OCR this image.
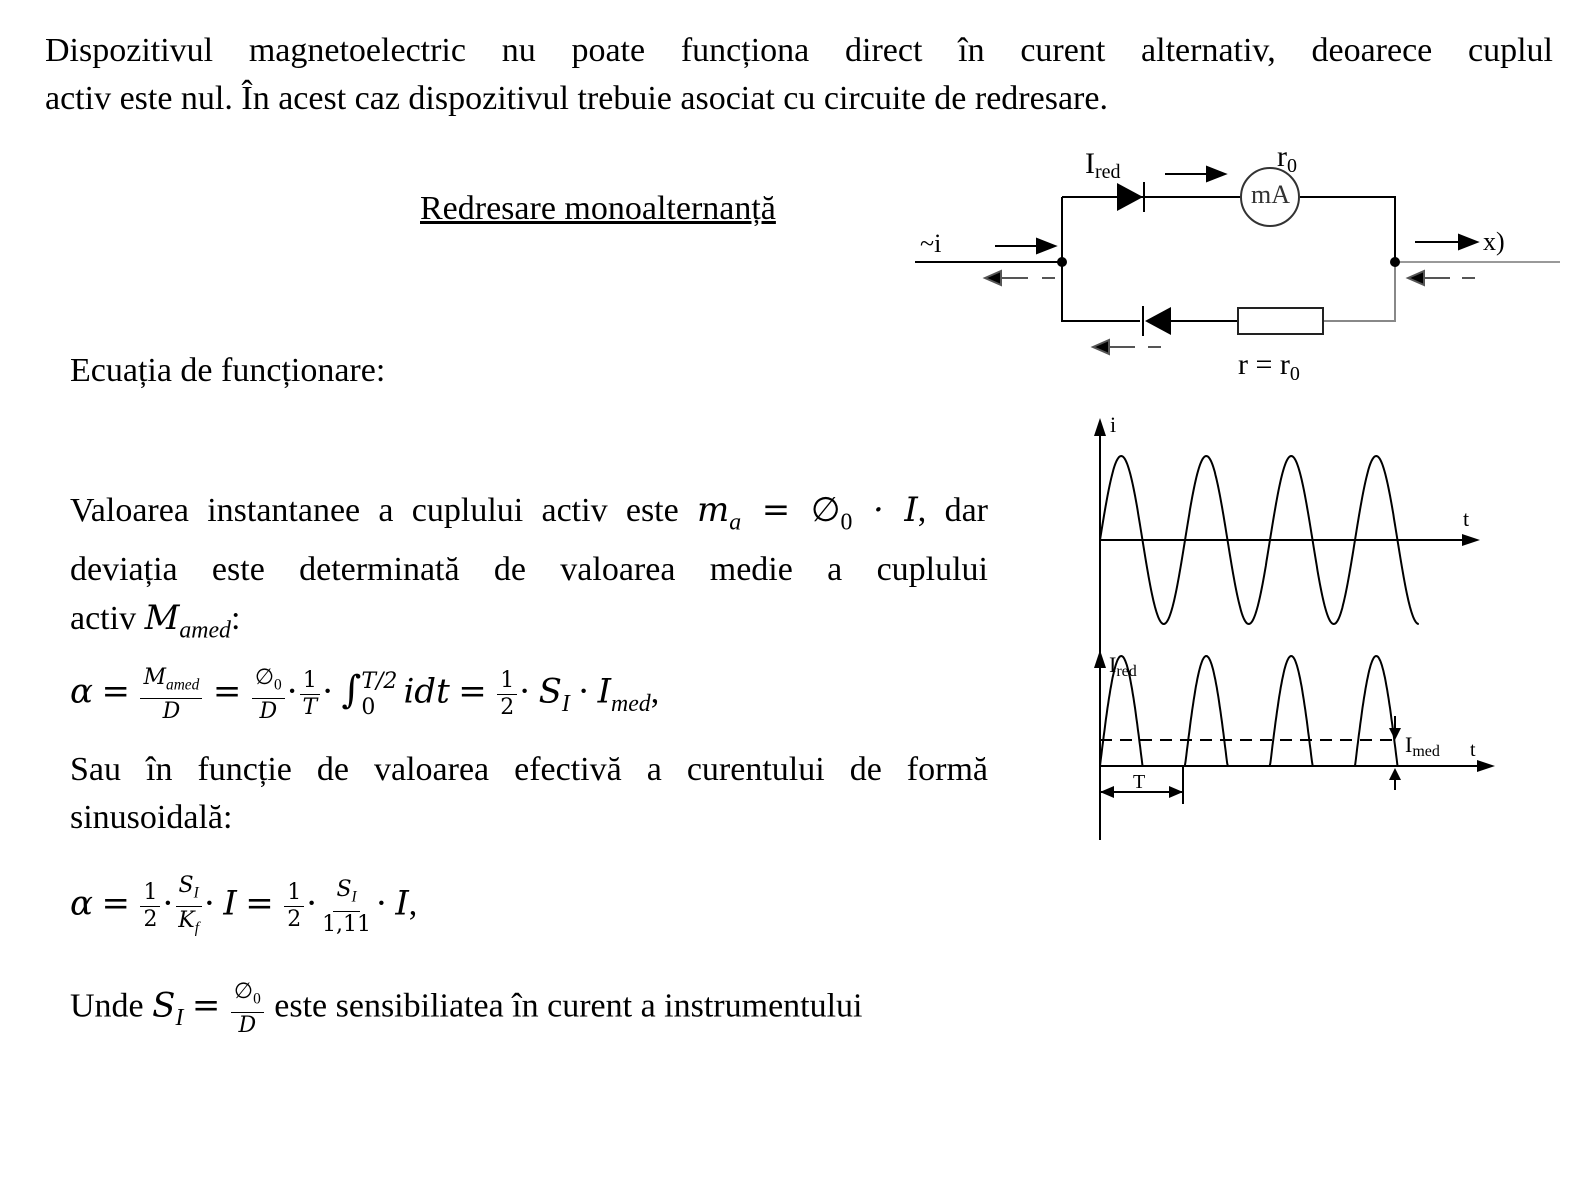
Dispozitivul magnetoelectric nu poate funcționa direct în curent alternativ, deoarece cuplul
activ este nul. În acest caz dispozitivul trebuie asociat cu circuite de redresare.
Redresare monoalternanță
Ired	$r_0$
mA
~i	x)
$r = r_0$
Ecuația de funcționare:
Valoarea instantanee a cuplului activ este $m_a$ = $\emptyset_0 \cdot I$, dar
deviația este determinată de valoarea medie a cuplului
activ $M_{amed}$:
$\alpha = \frac{M_{amed}}{D} = \frac{\emptyset_0}{D} \cdot \frac{1}{T}$ · ∫ T/2
0 idt = $\frac{1}{2} \cdot S_I \cdot I_{med}$,
Sau în funcție de valoarea efectivă a curentului de formă
sinusoidală:
$\alpha = \frac{1}{2} \cdot \frac{S_I}{K_f} \cdot I = \frac{1}{2} \cdot \frac{S_I}{1,11} \cdot I$,
Unde $S_I = \frac{\emptyset_0}{D}$ este sensibiliatea în curent a instrumentului
i
t
Ired
Imed t
T
